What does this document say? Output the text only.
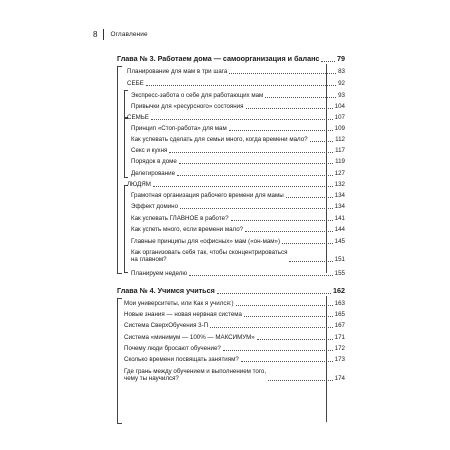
8 Оглавление
Глава № 3. Работаем дома — самоорганизация и баланс 79
Планирование для мам в три шага	83
СЕБЕ	92
Экспресс-забота о себе для работающих мам	93
Привычки для «ресурсного» состояния	104
СЕМЬЕ	107
Принцип «Стоп-работа» для мам	109
Как успевать сделать для семьи много, когда времени мало?	112
Секс и кухня	117
Порядок в доме	119
Делегирование	127
ЛЮДЯМ	132
Грамотная организация рабочего времени для мамы	134
Эффект домино	134
Как успевать ГЛАВНОЕ в работе?	141
Как успеть много, если времени мало?	144
Главные принципы для «офисных» мам («он-мам»)	145
Как организовать себя так, чтобы сконцентрироваться
на главном?	151
Планируем неделю	155
Глава № 4. Учимся учиться	162
Мои университеты, или Как я учился:)	163
Новые знания — новая нервная система	165
Система СверхОбучения 3-П	167
Система «минимум — 100% — МАКСИМУМ»	171
Почему люди бросают обучение?	172
Сколько времени посвящать занятиям?	173
Где грань между обучением и выполнением того,
чему ты научился?	174
